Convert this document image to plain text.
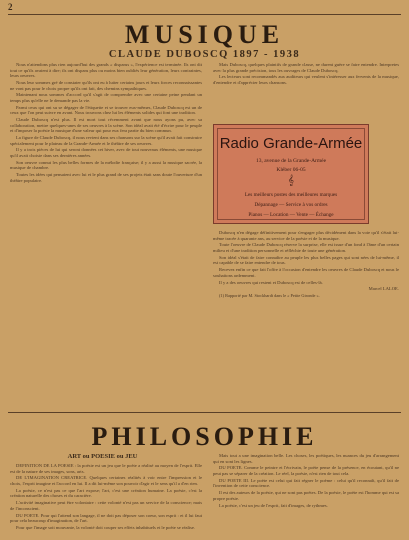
2
MUSIQUE
CLAUDE DUBOSCQ 1897 - 1938

Nous n'attendons plus rien aujourd'hui des grands « disparus », l'expérience est terminée. Ils ont dit tout ce qu'ils avaient à dire; ils ont disparu plus ou moins bien oubliés leur génération, leurs contraintes, leurs oeuvres.

Nous leur sommes gré de constater qu'ils ont eu à lutter certains jours et leurs forces reconnaissantes ne vont pas pour le choix propre qu'ils ont fait, des chemins sympathiques.

Maintenant nous sommes d'accord qu'il s'agit de comprendre avec une certaine peine pendant un temps plus qu'elle ne le demande pas la vie.

Parmi ceux qui ont su se dégager de l'étiquette et se trouver eux-mêmes, Claude Duboscq est un de ceux que l'on peut suivre en avant. Nous trouvons chez lui les éléments solides qui font une tradition.

Claude Duboscq n'est plus. Il est mort tout récemment avant que nous ayons pu, avec sa collaboration, mettre quelques-unes de ses oeuvres à la scène. Son idéal avait été d'écrire pour le peuple et d'imposer la poésie la musique d'une valeur qui pour eux fera partie du bien commun.

La figure de Claude Duboscq, il nous revient dans ses chansons sur la scène qu'il avait fait construire spécialement pour le plateau de la Grande-Armée et le théâtre de ses oeuvres.

Il y a trois pièces de lui qui seront données cet hiver, avec de tout nouveaux éléments, une musique qu'il avait choisie dans ses dernières années.

Son oeuvre connut les plus belles formes de la mélodie française; il y a aussi la musique sacrée, la musique de chambre.

Toutes les idées qui pensaient avec lui et le plus grand de ses projets était sans doute l'ouverture d'un théâtre populaire.

Mais Duboscq, quelques plaintifs de grande classe, ne durent guère se faire entendre. Interpretes avec la plus grande précision, tous les ouvrages de Claude Duboscq.

Les lecteurs sont recommandés aux auditeurs qui veulent s'intéresser aux fervents de la musique, d'entendre et d'apprécier leurs chansons.

Radio Grande-Armée
13, avenue de la Grande-Armée
Kléber 06-05
𝄞
Les meilleurs postes des meilleures marques
Dépannage — Service à vos ordres
Pianos — Location — Vente — Échange

Duboscq n'en dégage définitivement pour s'engager plus décidément dans la voie qu'il s'était lui-même tracée à quarante ans, au service de la poésie et de la musique.

Toute l'oeuvre de Claude Duboscq réserve la surprise, elle est issue d'un fond à l'âme d'un certain milieu et d'une tradition personnelle et réfléchie de toute une génération.

Son idéal s'était de faire connaître au peuple les plus belles pages qui sont nées de lui-même, il est capable de se faire entendre de tous.

Recevez enfin ce que fait l'offre à l'occasion d'entendre les oeuvres de Claude Duboscq et nous le souhaitons ardemment.

Il y a des oeuvres qui restent et Duboscq est de celles-là.

Marcel LALOE.

(1) Rapporté par M. Stockhardt dans le « Petite Gironde ».

PHILOSOPHIE
ART ou POESIE ou JEU

DEFINITION DE LA POESIE : la poésie est un jeu que le poète a réalisé au moyen de l'esprit. Elle est de la nature de ses images, sons, arts.

DE L'IMAGINATION CREATRICE. Quelques certaines réalités à voir entre l'impression et le choix, l'esprit imagine et l'accord en lui. Il a dit lui-même son pouvoir d'agir et le sens qu'il a d'en rien.

La poésie, ce n'est pas ce que l'art expose; l'art, c'est une création humaine. La poésie, c'est la création naturelle des choses et du caractère.

L'activité imaginative peut être volontaire : cette volonté n'est pas un service de la conscience; mais de l'inconscient.

DU POETE. Pour qui l'attend son langage, il ne doit pas déposer son coeur, son esprit : et il lui faut pour cela beaucoup d'imagination, de l'art.

Pour que l'image soit mouvante, la volonté doit couper ses effets inhabituels et le poète se réalise.

Mais tout a une imagination belle. Les choses, les poétiques, les nuances du jeu d'arrangement qui en sont les lignes.

DU POETE. Comme le peintre et l'écrivain, le poète pense de la présence, en écoutant, qu'il ne peut pas se séparer de la création. Le réel, la poésie, n'est rien de tout cela.

DU POETE III. Le poète est celui qui fait régner le poème : celui qu'il reconnaît, qu'il fait de l'invention de cette conscience.

Il est des auteurs de la poésie, qui ne sont pas poètes. De la poésie, le poète est l'homme qui est sa propre poésie.

La poésie, c'est un jeu de l'esprit, fait d'images, de rythmes.
